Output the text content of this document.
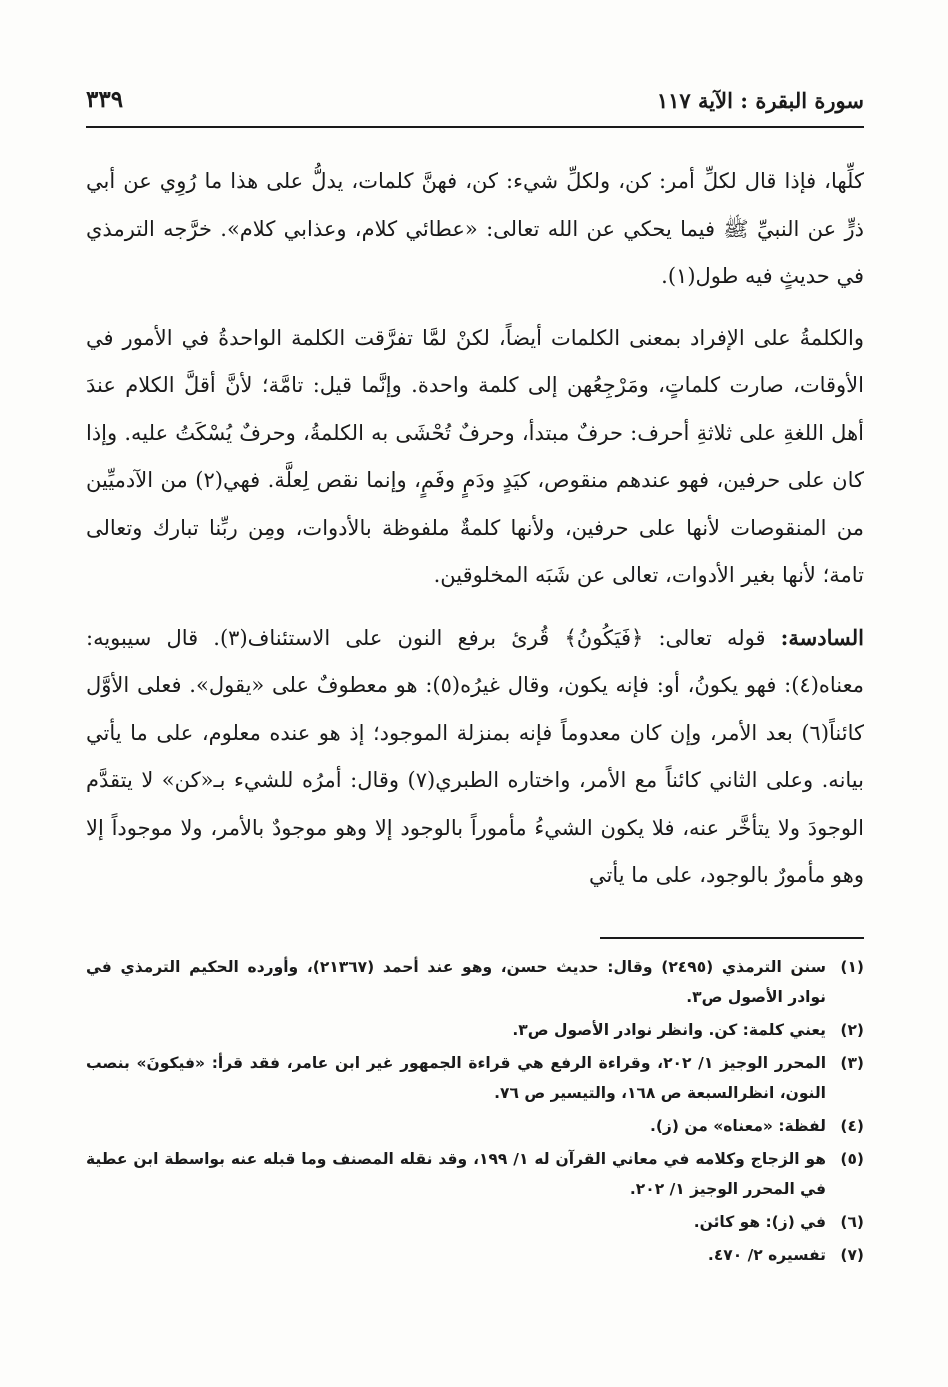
سورة البقرة : الآية ١١٧
٣٣٩

كلِّها، فإذا قال لكلِّ أمر: كن، ولكلِّ شيء: كن، فهنَّ كلمات، يدلُّ على هذا ما رُوِي عن أبي ذرٍّ عن النبيِّ ﷺ فيما يحكي عن الله تعالى: «عطائي كلام، وعذابي كلام». خرَّجه الترمذي في حديثٍ فيه طول(١).

والكلمةُ على الإفراد بمعنى الكلمات أيضاً، لكنْ لمَّا تفرَّقت الكلمة الواحدةُ في الأمور في الأوقات، صارت كلماتٍ، ومَرْجِعُهن إلى كلمة واحدة. وإنَّما قيل: تامَّة؛ لأنَّ أقلَّ الكلام عندَ أهل اللغةِ على ثلاثةِ أحرف: حرفٌ مبتدأ، وحرفٌ تُحْشَى به الكلمةُ، وحرفٌ يُسْكَتُ عليه. وإذا كان على حرفين، فهو عندهم منقوص، كيَدٍ ودَمٍ وفَمٍ، وإنما نقص لِعلَّة. فهي(٢) من الآدميِّين من المنقوصات لأنها على حرفين، ولأنها كلمةٌ ملفوظة بالأدوات، ومِن ربِّنا تبارك وتعالى تامة؛ لأنها بغير الأدوات، تعالى عن شَبَه المخلوقين.

السادسة: قوله تعالى: ﴿فَيَكُونُ﴾ قُرئ برفع النون على الاستئناف(٣). قال سيبويه: معناه(٤): فهو يكونُ، أو: فإنه يكون، وقال غيرُه(٥): هو معطوفٌ على «يقول». فعلى الأوَّل كائناً(٦) بعد الأمر، وإن كان معدوماً فإنه بمنزلة الموجود؛ إذ هو عنده معلوم، على ما يأتي بيانه. وعلى الثاني كائناً مع الأمر، واختاره الطبري(٧) وقال: أمرُه للشيء بـ«كن» لا يتقدَّم الوجودَ ولا يتأخَّر عنه، فلا يكون الشيءُ مأموراً بالوجود إلا وهو موجودٌ بالأمر، ولا موجوداً إلا وهو مأمورٌ بالوجود، على ما يأتي

(١)
سنن الترمذي (٢٤٩٥) وقال: حديث حسن، وهو عند أحمد (٢١٣٦٧)، وأورده الحكيم الترمذي في نوادر الأصول ص٣.
(٢)
يعني كلمة: كن. وانظر نوادر الأصول ص٣.
(٣)
المحرر الوجيز ١/ ٢٠٢، وقراءة الرفع هي قراءة الجمهور غير ابن عامر، فقد قرأ: «فيكونَ» بنصب النون، انظرالسبعة ص ١٦٨، والتيسير ص ٧٦.
(٤)
لفظة: «معناه» من (ز).
(٥)
هو الزجاج وكلامه في معاني القرآن له ١/ ١٩٩، وقد نقله المصنف وما قبله عنه بواسطة ابن عطية في المحرر الوجيز ١/ ٢٠٢.
(٦)
في (ز): هو كائن.
(٧)
تفسيره ٢/ ٤٧٠.
